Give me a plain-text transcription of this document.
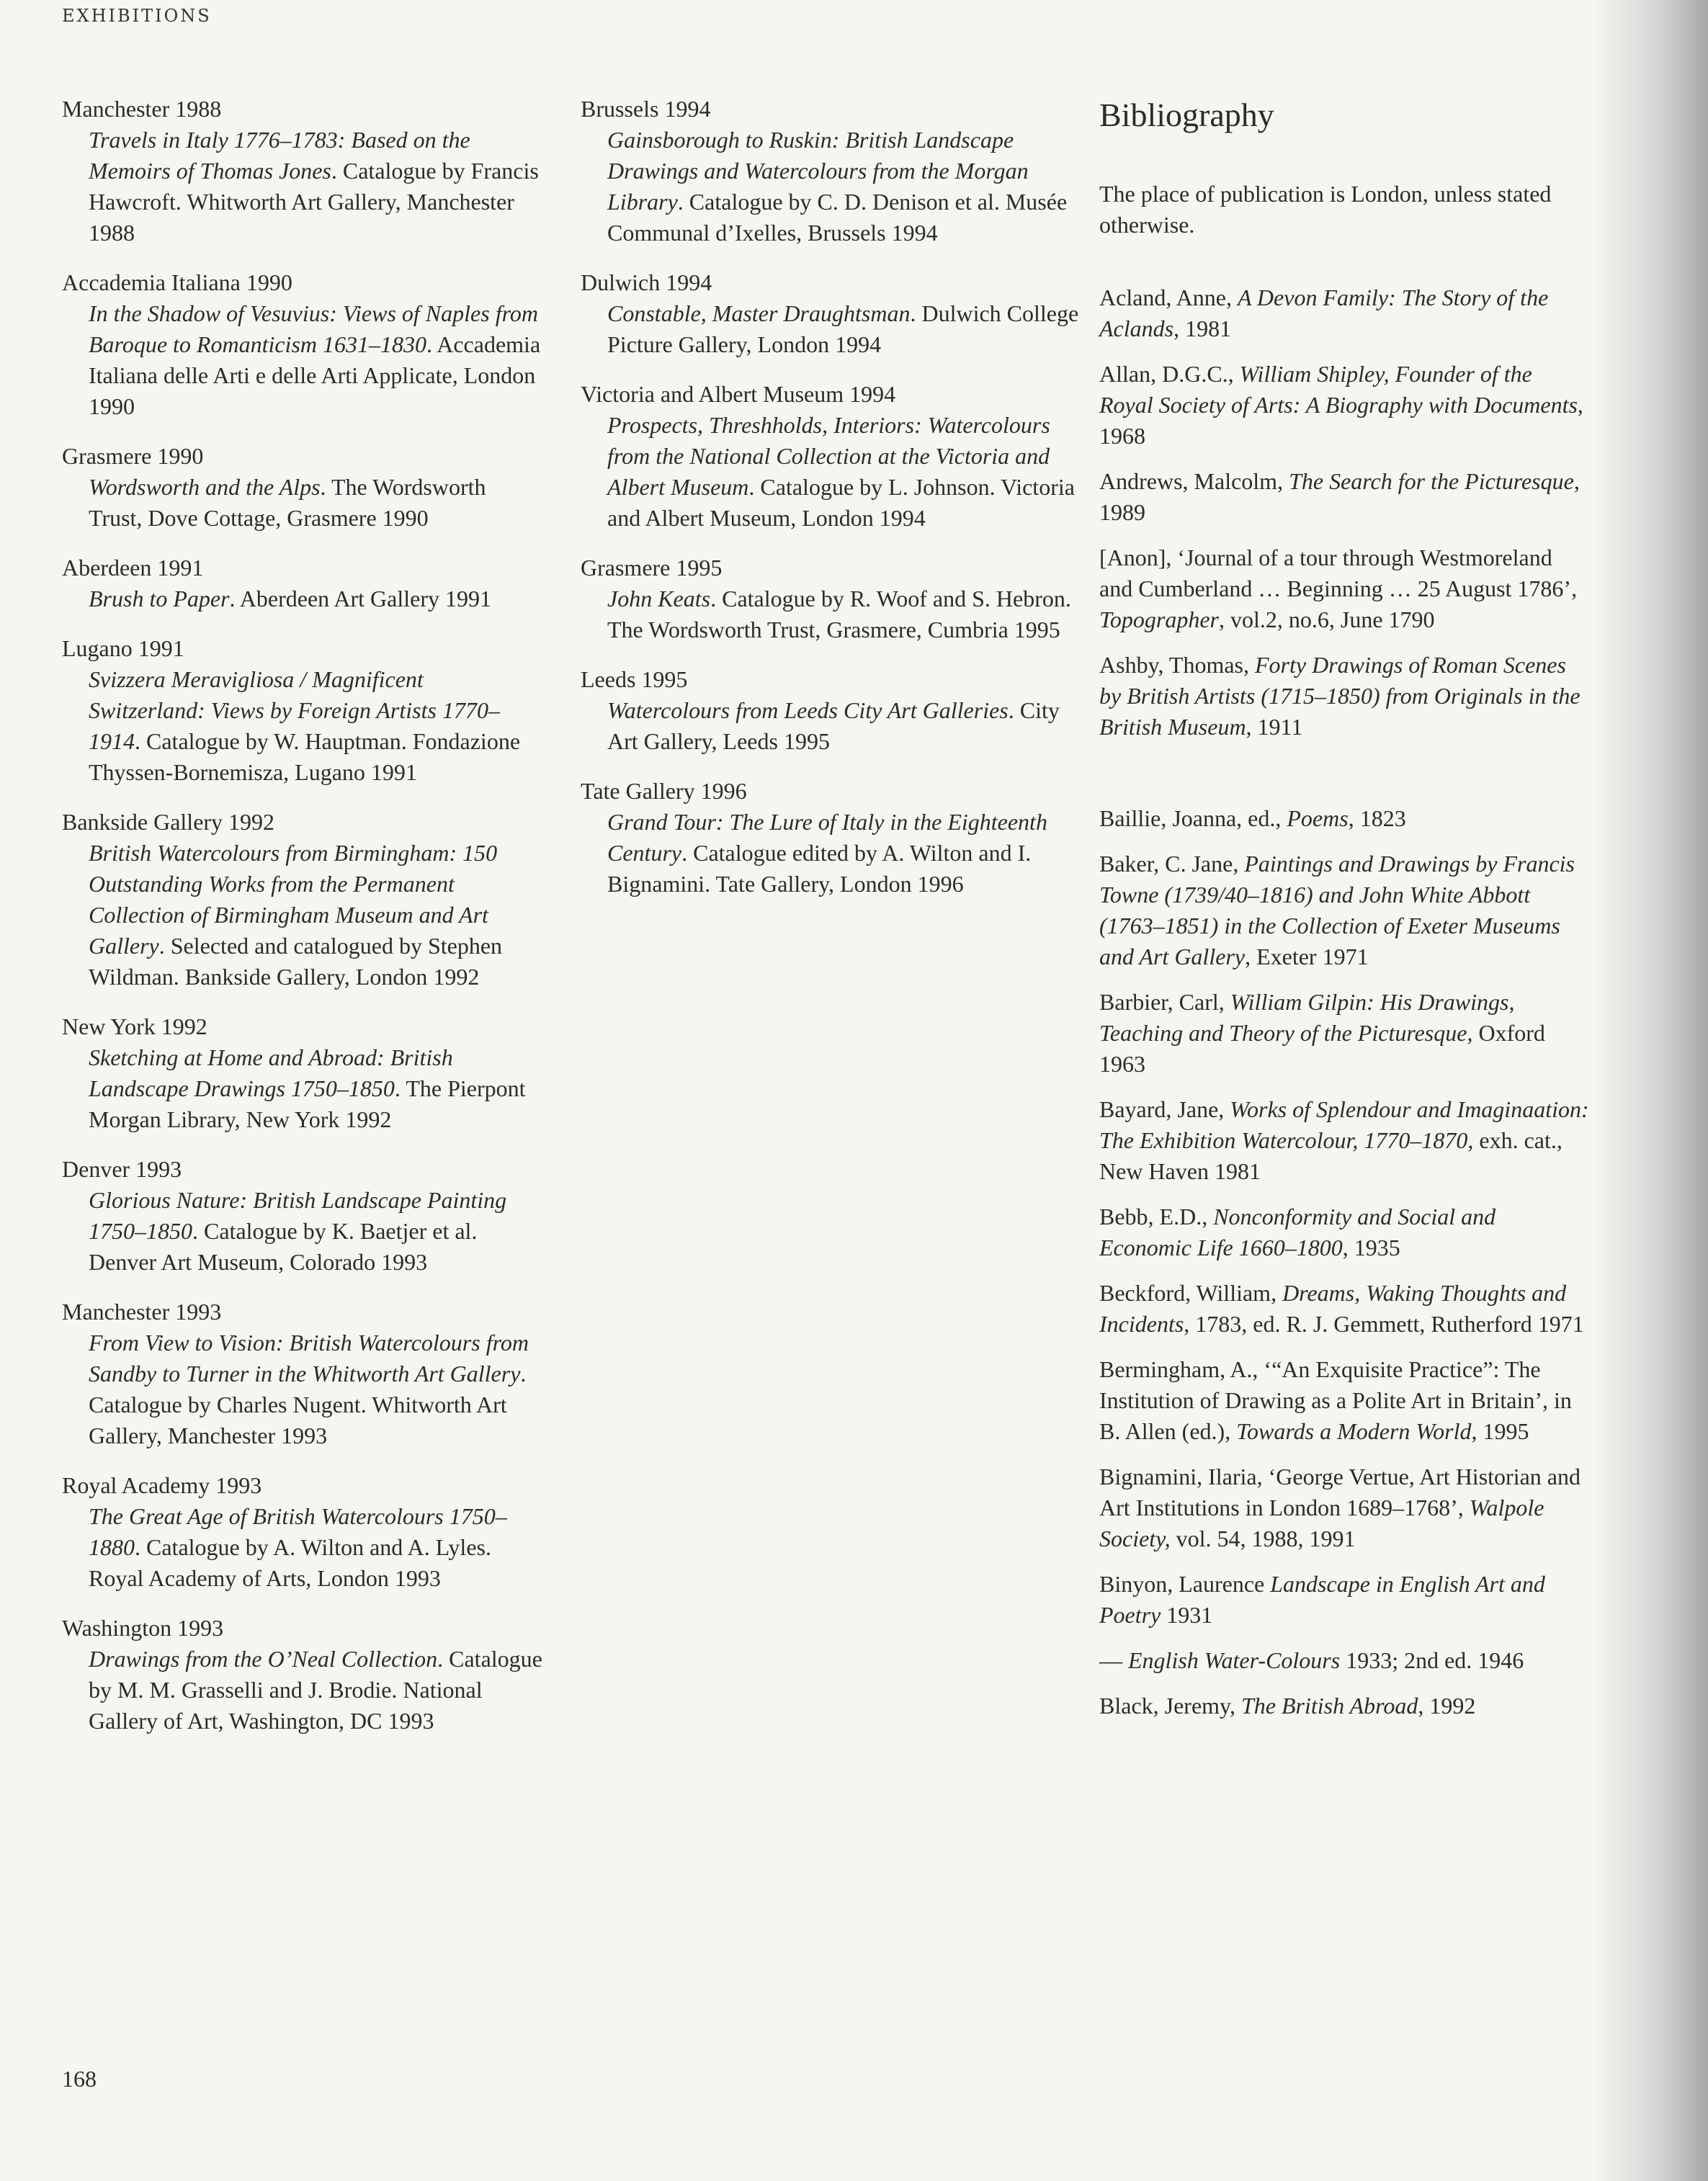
EXHIBITIONS
Manchester 1988
Travels in Italy 1776–1783: Based on the Memoirs of Thomas Jones. Catalogue by Francis Hawcroft. Whitworth Art Gallery, Manchester 1988
Accademia Italiana 1990
In the Shadow of Vesuvius: Views of Naples from Baroque to Romanticism 1631–1830. Accademia Italiana delle Arti e delle Arti Applicate, London 1990
Grasmere 1990
Wordsworth and the Alps. The Wordsworth Trust, Dove Cottage, Grasmere 1990
Aberdeen 1991
Brush to Paper. Aberdeen Art Gallery 1991
Lugano 1991
Svizzera Meravigliosa / Magnificent Switzerland: Views by Foreign Artists 1770–1914. Catalogue by W. Hauptman. Fondazione Thyssen-Bornemisza, Lugano 1991
Bankside Gallery 1992
British Watercolours from Birmingham: 150 Outstanding Works from the Permanent Collection of Birmingham Museum and Art Gallery. Selected and catalogued by Stephen Wildman. Bankside Gallery, London 1992
New York 1992
Sketching at Home and Abroad: British Landscape Drawings 1750–1850. The Pierpont Morgan Library, New York 1992
Denver 1993
Glorious Nature: British Landscape Painting 1750–1850. Catalogue by K. Baetjer et al. Denver Art Museum, Colorado 1993
Manchester 1993
From View to Vision: British Watercolours from Sandby to Turner in the Whitworth Art Gallery. Catalogue by Charles Nugent. Whitworth Art Gallery, Manchester 1993
Royal Academy 1993
The Great Age of British Watercolours 1750–1880. Catalogue by A. Wilton and A. Lyles. Royal Academy of Arts, London 1993
Washington 1993
Drawings from the O’Neal Collection. Catalogue by M. M. Grasselli and J. Brodie. National Gallery of Art, Washington, DC 1993
Brussels 1994
Gainsborough to Ruskin: British Landscape Drawings and Watercolours from the Morgan Library. Catalogue by C. D. Denison et al. Musée Communal d’Ixelles, Brussels 1994
Dulwich 1994
Constable, Master Draughtsman. Dulwich College Picture Gallery, London 1994
Victoria and Albert Museum 1994
Prospects, Threshholds, Interiors: Watercolours from the National Collection at the Victoria and Albert Museum. Catalogue by L. Johnson. Victoria and Albert Museum, London 1994
Grasmere 1995
John Keats. Catalogue by R. Woof and S. Hebron. The Wordsworth Trust, Grasmere, Cumbria 1995
Leeds 1995
Watercolours from Leeds City Art Galleries. City Art Gallery, Leeds 1995
Tate Gallery 1996
Grand Tour: The Lure of Italy in the Eighteenth Century. Catalogue edited by A. Wilton and I. Bignamini. Tate Gallery, London 1996
Bibliography

The place of publication is London, unless stated otherwise.

Acland, Anne, A Devon Family: The Story of the Aclands, 1981

Allan, D.G.C., William Shipley, Founder of the Royal Society of Arts: A Biography with Documents, 1968

Andrews, Malcolm, The Search for the Picturesque, 1989

[Anon], ‘Journal of a tour through Westmoreland and Cumberland … Beginning … 25 August 1786’, Topographer, vol.2, no.6, June 1790

Ashby, Thomas, Forty Drawings of Roman Scenes by British Artists (1715–1850) from Originals in the British Museum, 1911

Baillie, Joanna, ed., Poems, 1823

Baker, C. Jane, Paintings and Drawings by Francis Towne (1739/40–1816) and John White Abbott (1763–1851) in the Collection of Exeter Museums and Art Gallery, Exeter 1971

Barbier, Carl, William Gilpin: His Drawings, Teaching and Theory of the Picturesque, Oxford 1963

Bayard, Jane, Works of Splendour and Imaginaation: The Exhibition Watercolour, 1770–1870, exh. cat., New Haven 1981

Bebb, E.D., Nonconformity and Social and Economic Life 1660–1800, 1935

Beckford, William, Dreams, Waking Thoughts and Incidents, 1783, ed. R. J. Gemmett, Rutherford 1971

Bermingham, A., ‘“An Exquisite Practice”: The Institution of Drawing as a Polite Art in Britain’, in B. Allen (ed.), Towards a Modern World, 1995

Bignamini, Ilaria, ‘George Vertue, Art Historian and Art Institutions in London 1689–1768’, Walpole Society, vol. 54, 1988, 1991

Binyon, Laurence Landscape in English Art and Poetry 1931

— English Water-Colours 1933; 2nd ed. 1946

Black, Jeremy, The British Abroad, 1992

168
